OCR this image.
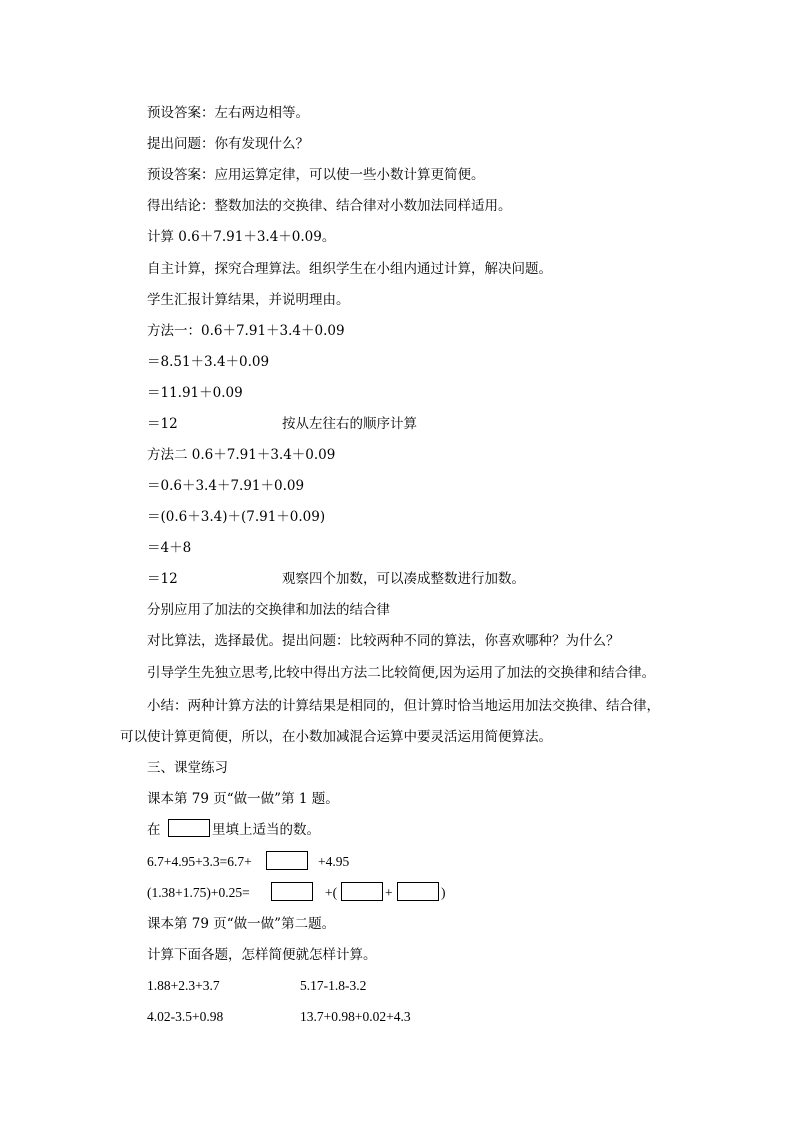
预设答案：左右两边相等。
提出问题：你有发现什么？
预设答案：应用运算定律，可以使一些小数计算更简便。
得出结论：整数加法的交换律、结合律对小数加法同样适用。
计算 0.6＋7.91＋3.4＋0.09。
自主计算，探究合理算法。组织学生在小组内通过计算，解决问题。
学生汇报计算结果，并说明理由。
方法一：0.6＋7.91＋3.4＋0.09
＝8.51＋3.4＋0.09
＝11.91＋0.09
＝12	按从左往右的顺序计算
方法二 0.6＋7.91＋3.4＋0.09
＝0.6＋3.4＋7.91＋0.09
＝(0.6＋3.4)＋(7.91＋0.09)
＝4＋8
＝12	观察四个加数，可以凑成整数进行加数。
分别应用了加法的交换律和加法的结合律
对比算法，选择最优。提出问题：比较两种不同的算法，你喜欢哪种？为什么？
引导学生先独立思考,比较中得出方法二比较简便,因为运用了加法的交换律和结合律。
小结：两种计算方法的计算结果是相同的，但计算时恰当地运用加法交换律、结合律，
可以使计算更简便，所以，在小数加减混合运算中要灵活运用简便算法。
三、课堂练习
课本第 79 页“做一做”第 1 题。
在	里填上适当的数。
6.7+4.95+3.3=6.7+	+4.95
(1.38+1.75)+0.25=	+(	+	)
课本第 79 页“做一做”第二题。
计算下面各题，怎样简便就怎样计算。
1.88+2.3+3.7	5.17-1.8-3.2
4.02-3.5+0.98	13.7+0.98+0.02+4.3
